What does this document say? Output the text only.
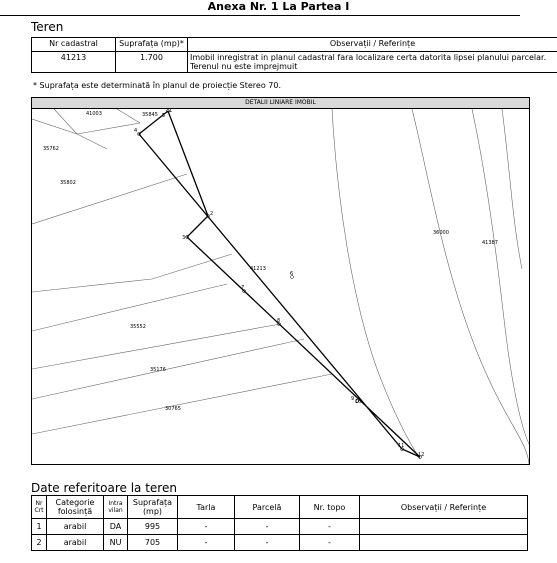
Anexa Nr. 1 La Partea I
Teren
Nr cadastral	Suprafața (mp)*	Observații / Referințe
41213	1.700	Imobil inregistrat in planul cadastral fara localizare certa datorita lipsei planului parcelar.

Terenul nu este imprejmuit

* Suprafața este determinată în planul de proiecție Stereo 70.
DETALII LINIARE IMOBIL
41003	35845
35762
35802
41213
36000
41387
35552
35176
30765
1
2
3
4
5
6
7
8
9 10
11
12
Date referitoare la teren
Nr Crt	Categorie folosință	Intra vilan	Suprafața (mp)	Tarla	Parcelă	Nr. topo	Observații / Referințe
1	arabil	DA	995	-	-	-	
2	arabil	NU	705	-	-	-	
